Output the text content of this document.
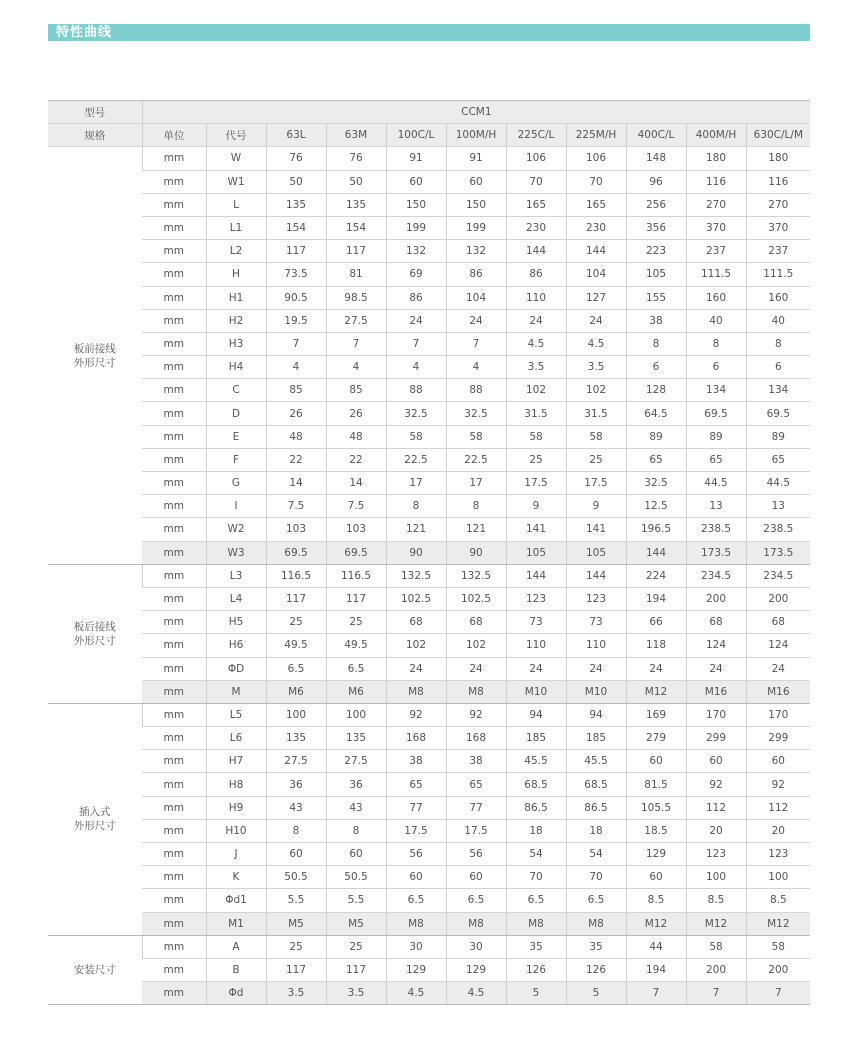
特性曲线
型号	CCM1										
规格	单位	代号	63L	63M	100C/L	100M/H	225C/L	225M/H	400C/L	400M/H	630C/L/M

板前接线
外形尺寸	mm	W	76	76	91	91	106	106	148	180	180
	mm	W1	50	50	60	60	70	70	96	116	116
	mm	L	135	135	150	150	165	165	256	270	270
	mm	L1	154	154	199	199	230	230	356	370	370
	mm	L2	117	117	132	132	144	144	223	237	237
	mm	H	73.5	81	69	86	86	104	105	111.5	111.5
	mm	H1	90.5	98.5	86	104	110	127	155	160	160
	mm	H2	19.5	27.5	24	24	24	24	38	40	40
	mm	H3	7	7	7	7	4.5	4.5	8	8	8
	mm	H4	4	4	4	4	3.5	3.5	6	6	6
	mm	C	85	85	88	88	102	102	128	134	134
	mm	D	26	26	32.5	32.5	31.5	31.5	64.5	69.5	69.5
	mm	E	48	48	58	58	58	58	89	89	89
	mm	F	22	22	22.5	22.5	25	25	65	65	65
	mm	G	14	14	17	17	17.5	17.5	32.5	44.5	44.5
	mm	I	7.5	7.5	8	8	9	9	12.5	13	13
	mm	W2	103	103	121	121	141	141	196.5	238.5	238.5
	mm	W3	69.5	69.5	90	90	105	105	144	173.5	173.5

板后接线
外形尺寸	mm	L3	116.5	116.5	132.5	132.5	144	144	224	234.5	234.5
	mm	L4	117	117	102.5	102.5	123	123	194	200	200
	mm	H5	25	25	68	68	73	73	66	68	68
	mm	H6	49.5	49.5	102	102	110	110	118	124	124
	mm	ΦD	6.5	6.5	24	24	24	24	24	24	24
	mm	M	M6	M6	M8	M8	M10	M10	M12	M16	M16

插入式
外形尺寸	mm	L5	100	100	92	92	94	94	169	170	170
	mm	L6	135	135	168	168	185	185	279	299	299
	mm	H7	27.5	27.5	38	38	45.5	45.5	60	60	60
	mm	H8	36	36	65	65	68.5	68.5	81.5	92	92
	mm	H9	43	43	77	77	86.5	86.5	105.5	112	112
	mm	H10	8	8	17.5	17.5	18	18	18.5	20	20
	mm	J	60	60	56	56	54	54	129	123	123
	mm	K	50.5	50.5	60	60	70	70	60	100	100
	mm	Φd1	5.5	5.5	6.5	6.5	6.5	6.5	8.5	8.5	8.5
	mm	M1	M5	M5	M8	M8	M8	M8	M12	M12	M12

安装尺寸	mm	A	25	25	30	30	35	35	44	58	58
	mm	B	117	117	129	129	126	126	194	200	200
	mm	Φd	3.5	3.5	4.5	4.5	5	5	7	7	7
